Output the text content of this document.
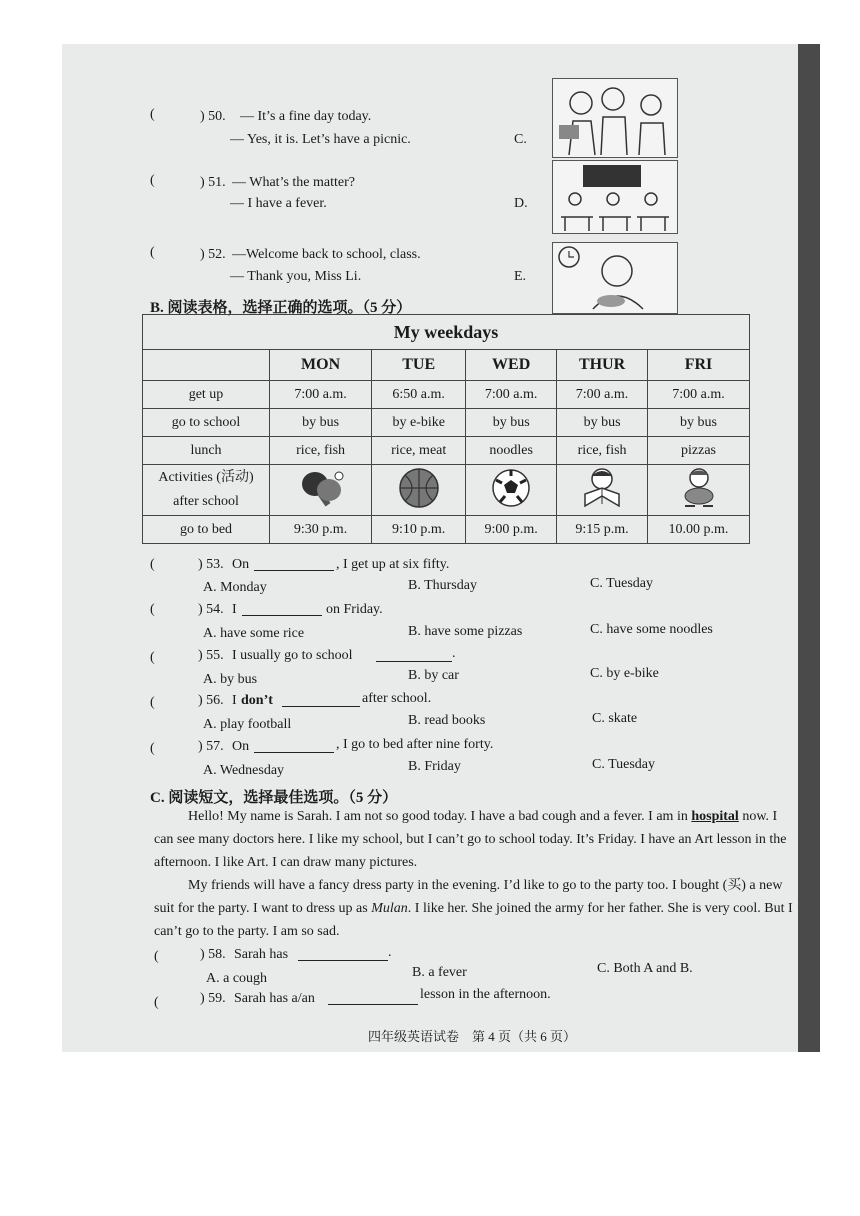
(	) 50. — It’s a fine day today.
— Yes, it is. Let’s have a picnic.	C.
(	) 51. — What’s the matter?
— I have a fever.	D.
(	) 52. —Welcome back to school, class.
— Thank you, Miss Li.	E.
B. 阅读表格，选择正确的选项。（5 分）
My weekdays					
	MON	TUE	WED	THUR	FRI
get up	7:00 a.m.	6:50 a.m.	7:00 a.m.	7:00 a.m.	7:00 a.m.
go to school	by bus	by e-bike	by bus	by bus	by bus
lunch	rice, fish	rice, meat	noodles	rice, fish	pizzas
Activities (活动)
after school					
go to bed	9:30 p.m.	9:10 p.m.	9:00 p.m.	9:15 p.m.	10.00 p.m.
(	) 53. On	, I get up at six fifty.
A. Monday	B. Thursday	C. Tuesday
(	) 54. I	on Friday.
A. have some rice	B. have some pizzas	C. have some noodles
(	) 55. I usually go to school	.
A. by bus	B. by car	C. by e-bike
(	) 56. I don’t	after school.
A. play football	B. read books	C. skate
(	) 57. On	, I go to bed after nine forty.
A. Wednesday	B. Friday	C. Tuesday
C. 阅读短文，选择最佳选项。（5 分）

Hello! My name is Sarah. I am not so good today. I have a bad cough and a fever. I am in hospital now. I can see many doctors here. I like my school, but I can’t go to school today. It’s Friday. I have an Art lesson in the afternoon. I like Art. I can draw many pictures.

My friends will have a fancy dress party in the evening. I’d like to go to the party too. I bought (买) a new suit for the party. I want to dress up as Mulan. I like her. She joined the army for her father. She is very cool. But I can’t go to the party. I am so sad.

(	) 58. Sarah has	.
A. a cough	B. a fever	C. Both A and B.
(	) 59. Sarah has a/an	lesson in the afternoon.
四年级英语试卷　第 4 页（共 6 页）
